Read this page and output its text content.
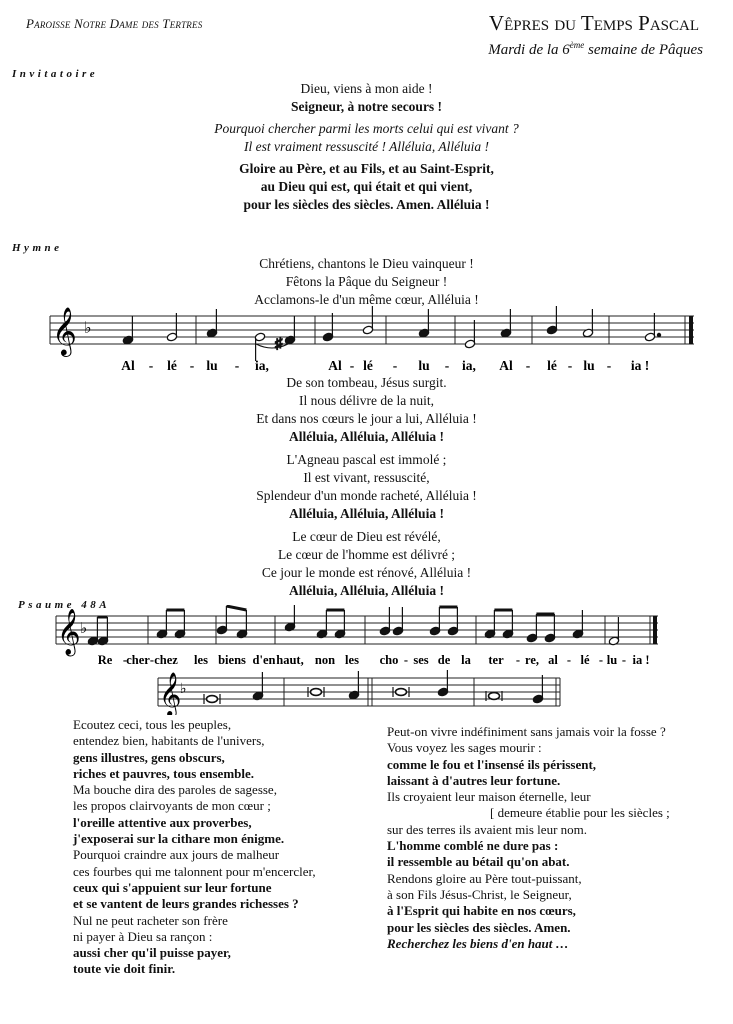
Paroisse Notre Dame des Tertres	Vêpres du Temps Pascal
Mardi de la 6ème semaine de Pâques
Invitatoire
Dieu, viens à mon aide !
Seigneur, à notre secours !
Pourquoi chercher parmi les morts celui qui est vivant ?
Il est vraiment ressuscité ! Alléluia, Alléluia !
Gloire au Père, et au Fils, et au Saint-Esprit,
au Dieu qui est, qui était et qui vient,
pour les siècles des siècles. Amen. Alléluia !
Hymne
Chrétiens, chantons le Dieu vainqueur !
Fêtons la Pâque du Seigneur !
Acclamons-le d'un même cœur, Alléluia !
𝄞 ♭
♯
Al - lé - lu - ia,	Al - lé - lu - ia, Al - lé - lu - ia !
De son tombeau, Jésus surgit.
Il nous délivre de la nuit,
Et dans nos cœurs le jour a lui, Alléluia !
Alléluia, Alléluia, Alléluia !
L'Agneau pascal est immolé ;
Il est vivant, ressuscité,
Splendeur d'un monde racheté, Alléluia !
Alléluia, Alléluia, Alléluia !
Le cœur de Dieu est révélé,
Le cœur de l'homme est délivré ;
Ce jour le monde est rénové, Alléluia !
Alléluia, Alléluia, Alléluia !
Psaume 48A
𝄞 ♭
Re - cher - chez les biens d'en haut, non les cho - ses de la ter - re, al - lé - lu - ia !
𝄞
♭
Ecoutez ceci, tous les peuples,
entendez bien, habitants de l'univers,
gens illustres, gens obscurs,
riches et pauvres, tous ensemble.
Ma bouche dira des paroles de sagesse,
les propos clairvoyants de mon cœur ;
l'oreille attentive aux proverbes,
j'exposerai sur la cithare mon énigme.
Pourquoi craindre aux jours de malheur
ces fourbes qui me talonnent pour m'encercler,
ceux qui s'appuient sur leur fortune
et se vantent de leurs grandes richesses ?
Nul ne peut racheter son frère
ni payer à Dieu sa rançon :
aussi cher qu'il puisse payer,
toute vie doit finir.
Peut-on vivre indéfiniment sans jamais voir la fosse ?
Vous voyez les sages mourir :
comme le fou et l'insensé ils périssent,
laissant à d'autres leur fortune.
Ils croyaient leur maison éternelle, leur
[ demeure établie pour les siècles ;
sur des terres ils avaient mis leur nom.
L'homme comblé ne dure pas :
il ressemble au bétail qu'on abat.
Rendons gloire au Père tout-puissant,
à son Fils Jésus-Christ, le Seigneur,
à l'Esprit qui habite en nos cœurs,
pour les siècles des siècles. Amen.
Recherchez les biens d'en haut …
